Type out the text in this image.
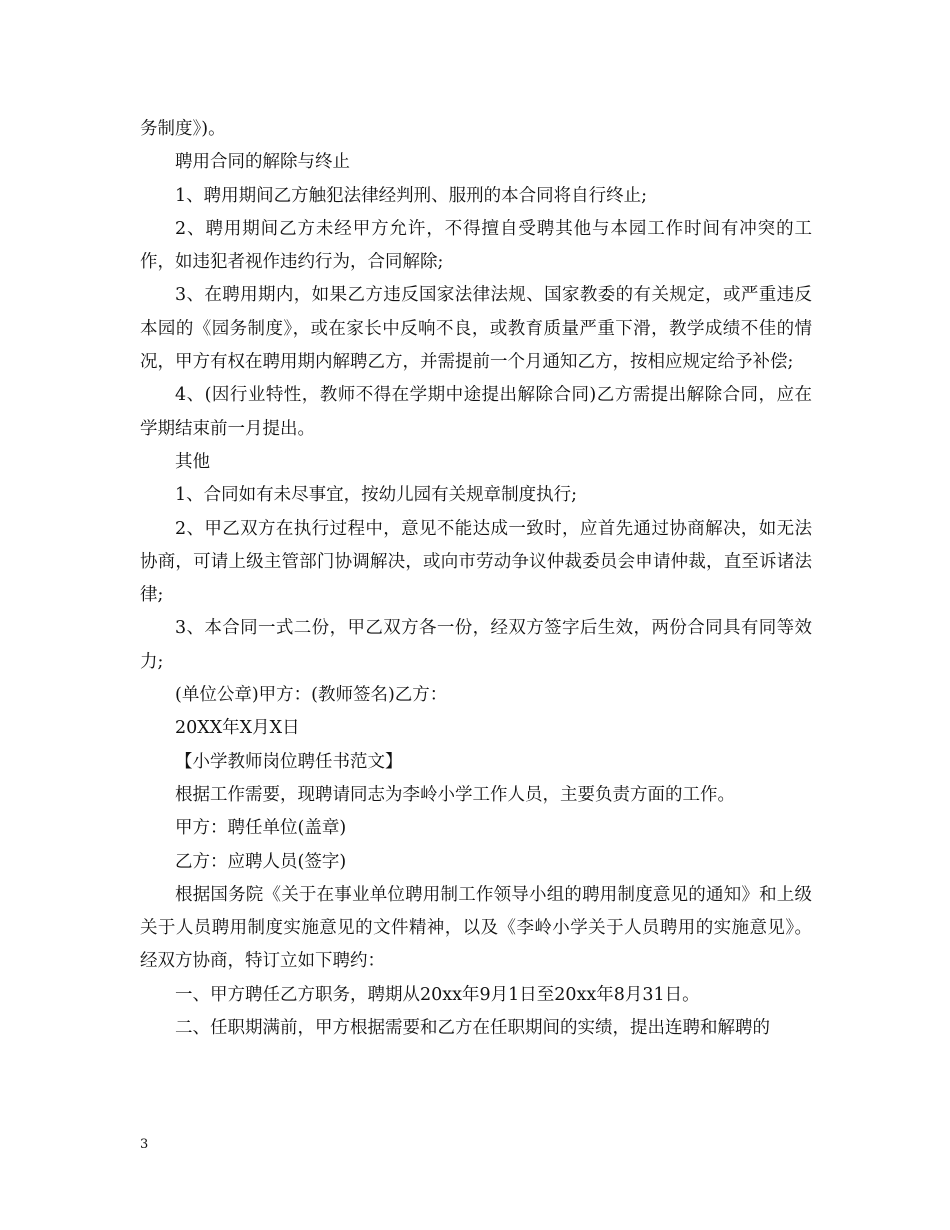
务制度》)。

聘用合同的解除与终止

1、聘用期间乙方触犯法律经判刑、服刑的本合同将自行终止;

2、聘用期间乙方未经甲方允许，不得擅自受聘其他与本园工作时间有冲突的工作，如违犯者视作违约行为，合同解除;

3、在聘用期内，如果乙方违反国家法律法规、国家教委的有关规定，或严重违反本园的《园务制度》，或在家长中反响不良，或教育质量严重下滑，教学成绩不佳的情况，甲方有权在聘用期内解聘乙方，并需提前一个月通知乙方，按相应规定给予补偿;

4、(因行业特性，教师不得在学期中途提出解除合同)乙方需提出解除合同，应在学期结束前一月提出。

其他

1、合同如有未尽事宜，按幼儿园有关规章制度执行;

2、甲乙双方在执行过程中，意见不能达成一致时，应首先通过协商解决，如无法协商，可请上级主管部门协调解决，或向市劳动争议仲裁委员会申请仲裁，直至诉诸法律;

3、本合同一式二份，甲乙双方各一份，经双方签字后生效，两份合同具有同等效力;

(单位公章)甲方：(教师签名)乙方：

20XX年X月X日

【小学教师岗位聘任书范文】

根据工作需要，现聘请同志为李岭小学工作人员，主要负责方面的工作。

甲方：聘任单位(盖章)

乙方：应聘人员(签字)

根据国务院《关于在事业单位聘用制工作领导小组的聘用制度意见的通知》和上级关于人员聘用制度实施意见的文件精神，以及《李岭小学关于人员聘用的实施意见》。经双方协商，特订立如下聘约：

一、甲方聘任乙方职务，聘期从20xx年9月1日至20xx年8月31日。

二、任职期满前，甲方根据需要和乙方在任职期间的实绩，提出连聘和解聘的

3
